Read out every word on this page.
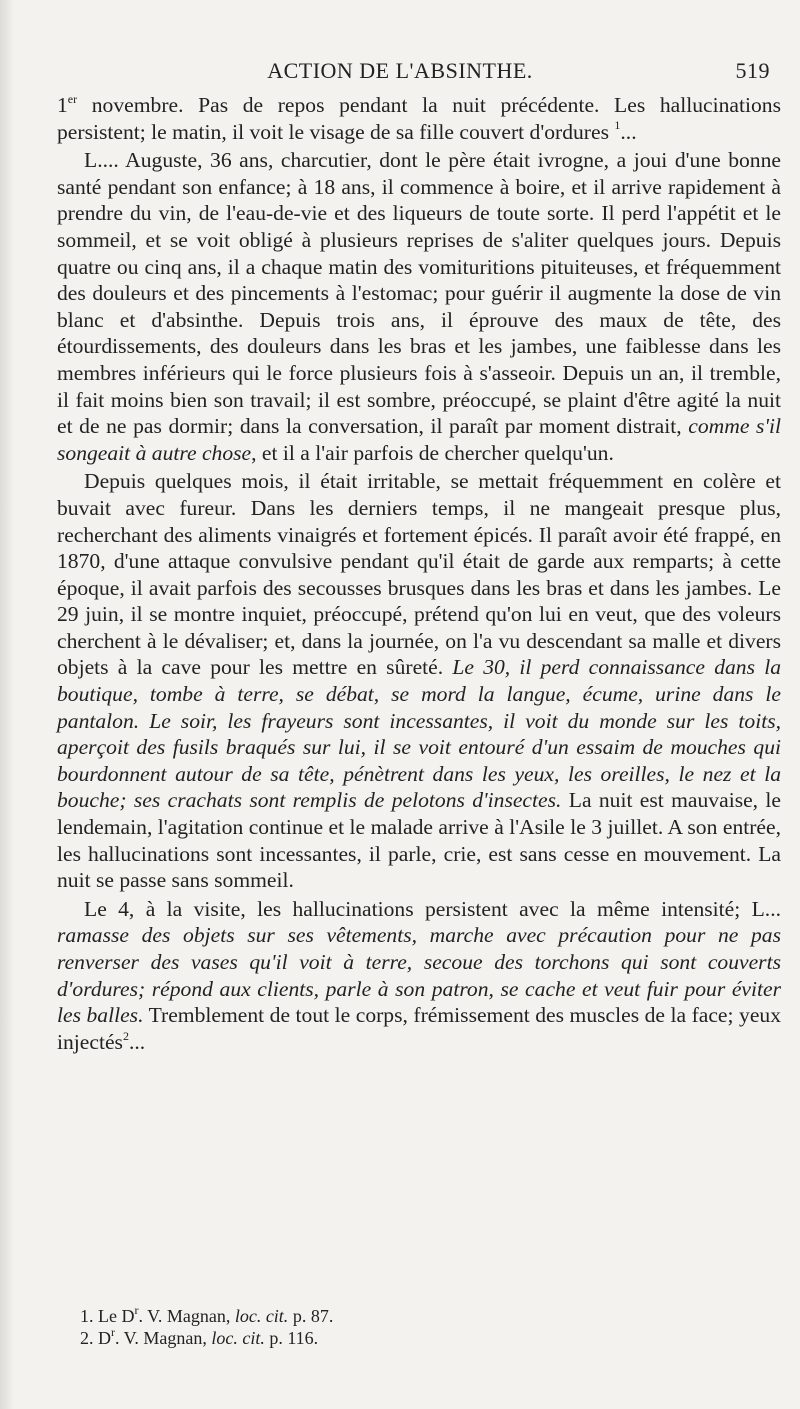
ACTION DE L'ABSINTHE.	519

1er novembre. Pas de repos pendant la nuit précédente. Les hallucinations persistent; le matin, il voit le visage de sa fille couvert d'ordures $^1$...

L.... Auguste, 36 ans, charcutier, dont le père était ivrogne, a joui d'une bonne santé pendant son enfance; à 18 ans, il commence à boire, et il arrive rapidement à prendre du vin, de l'eau-de-vie et des liqueurs de toute sorte. Il perd l'appétit et le sommeil, et se voit obligé à plusieurs reprises de s'aliter quelques jours. Depuis quatre ou cinq ans, il a chaque matin des vomituritions pituiteuses, et fréquemment des douleurs et des pincements à l'estomac; pour guérir il augmente la dose de vin blanc et d'absinthe. Depuis trois ans, il éprouve des maux de tête, des étourdissements, des douleurs dans les bras et les jambes, une faiblesse dans les membres inférieurs qui le force plusieurs fois à s'asseoir. Depuis un an, il tremble, il fait moins bien son travail; il est sombre, préoccupé, se plaint d'être agité la nuit et de ne pas dormir; dans la conversation, il paraît par moment distrait, comme s'il songeait à autre chose, et il a l'air parfois de chercher quelqu'un.

Depuis quelques mois, il était irritable, se mettait fréquemment en colère et buvait avec fureur. Dans les derniers temps, il ne mangeait presque plus, recherchant des aliments vinaigrés et fortement épicés. Il paraît avoir été frappé, en 1870, d'une attaque convulsive pendant qu'il était de garde aux remparts; à cette époque, il avait parfois des secousses brusques dans les bras et dans les jambes. Le 29 juin, il se montre inquiet, préoccupé, prétend qu'on lui en veut, que des voleurs cherchent à le dévaliser; et, dans la journée, on l'a vu descendant sa malle et divers objets à la cave pour les mettre en sûreté. Le 30, il perd connaissance dans la boutique, tombe à terre, se débat, se mord la langue, écume, urine dans le pantalon. Le soir, les frayeurs sont incessantes, il voit du monde sur les toits, aperçoit des fusils braqués sur lui, il se voit entouré d'un essaim de mouches qui bourdonnent autour de sa tête, pénètrent dans les yeux, les oreilles, le nez et la bouche; ses crachats sont remplis de pelotons d'insectes. La nuit est mauvaise, le lendemain, l'agitation continue et le malade arrive à l'Asile le 3 juillet. A son entrée, les hallucinations sont incessantes, il parle, crie, est sans cesse en mouvement. La nuit se passe sans sommeil.

Le 4, à la visite, les hallucinations persistent avec la même intensité; L... ramasse des objets sur ses vêtements, marche avec précaution pour ne pas renverser des vases qu'il voit à terre, secoue des torchons qui sont couverts d'ordures; répond aux clients, parle à son patron, se cache et veut fuir pour éviter les balles. Tremblement de tout le corps, frémissement des muscles de la face; yeux injectés$^2$...

1. Le $D^r$. V. Magnan, loc. cit. p. 87.
2. $D^r$. V. Magnan, loc. cit. p. 116.
